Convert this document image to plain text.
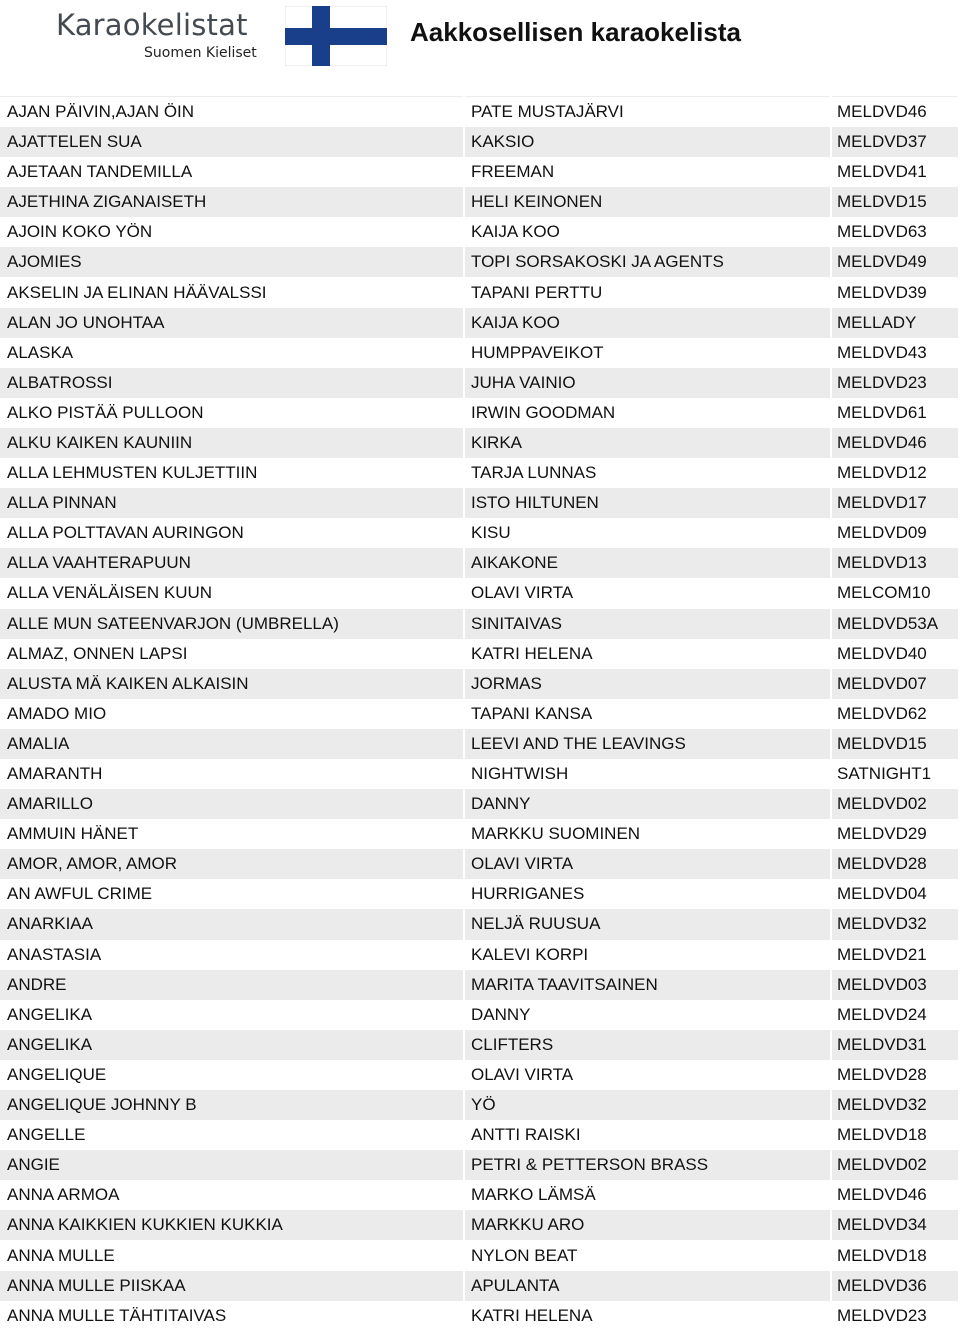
Karaokelistat
Suomen Kieliset
Aakkosellisen karaokelista
AJAN PÄIVIN,AJAN ÖIN	PATE MUSTAJÄRVI	MELDVD46
AJATTELEN SUA	KAKSIO	MELDVD37
AJETAAN TANDEMILLA	FREEMAN	MELDVD41
AJETHINA ZIGANAISETH	HELI KEINONEN	MELDVD15
AJOIN KOKO YÖN	KAIJA KOO	MELDVD63
AJOMIES	TOPI SORSAKOSKI JA AGENTS	MELDVD49
AKSELIN JA ELINAN HÄÄVALSSI	TAPANI PERTTU	MELDVD39
ALAN JO UNOHTAA	KAIJA KOO	MELLADY
ALASKA	HUMPPAVEIKOT	MELDVD43
ALBATROSSI	JUHA VAINIO	MELDVD23
ALKO PISTÄÄ PULLOON	IRWIN GOODMAN	MELDVD61
ALKU KAIKEN KAUNIIN	KIRKA	MELDVD46
ALLA LEHMUSTEN KULJETTIIN	TARJA LUNNAS	MELDVD12
ALLA PINNAN	ISTO HILTUNEN	MELDVD17
ALLA POLTTAVAN AURINGON	KISU	MELDVD09
ALLA VAAHTERAPUUN	AIKAKONE	MELDVD13
ALLA VENÄLÄISEN KUUN	OLAVI VIRTA	MELCOM10
ALLE MUN SATEENVARJON (UMBRELLA)	SINITAIVAS	MELDVD53A
ALMAZ, ONNEN LAPSI	KATRI HELENA	MELDVD40
ALUSTA MÄ KAIKEN ALKAISIN	JORMAS	MELDVD07
AMADO MIO	TAPANI KANSA	MELDVD62
AMALIA	LEEVI AND THE LEAVINGS	MELDVD15
AMARANTH	NIGHTWISH	SATNIGHT1
AMARILLO	DANNY	MELDVD02
AMMUIN HÄNET	MARKKU SUOMINEN	MELDVD29
AMOR, AMOR, AMOR	OLAVI VIRTA	MELDVD28
AN AWFUL CRIME	HURRIGANES	MELDVD04
ANARKIAA	NELJÄ RUUSUA	MELDVD32
ANASTASIA	KALEVI KORPI	MELDVD21
ANDRE	MARITA TAAVITSAINEN	MELDVD03
ANGELIKA	DANNY	MELDVD24
ANGELIKA	CLIFTERS	MELDVD31
ANGELIQUE	OLAVI VIRTA	MELDVD28
ANGELIQUE JOHNNY B	YÖ	MELDVD32
ANGELLE	ANTTI RAISKI	MELDVD18
ANGIE	PETRI & PETTERSON BRASS	MELDVD02
ANNA ARMOA	MARKO LÄMSÄ	MELDVD46
ANNA KAIKKIEN KUKKIEN KUKKIA	MARKKU ARO	MELDVD34
ANNA MULLE	NYLON BEAT	MELDVD18
ANNA MULLE PIISKAA	APULANTA	MELDVD36
ANNA MULLE TÄHTITAIVAS	KATRI HELENA	MELDVD23
